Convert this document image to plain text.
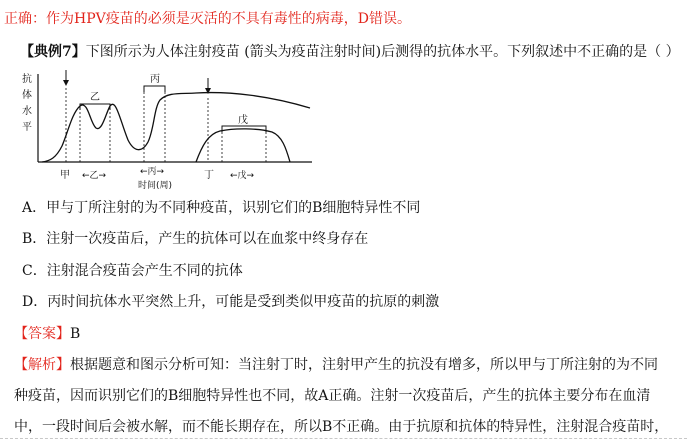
正确：作为HPV疫苗的必须是灭活的不具有毒性的病毒，D错误。
【典例7】下图所示为人体注射疫苗 (箭头为疫苗注射时间)后测得的抗体水平。下列叙述中不正确的是（ ）
抗
体
水
平
乙
丙
戊
甲 ←乙→	←丙→	丁 ←戊→
时间(周)
A．甲与丁所注射的为不同种疫苗，识别它们的B细胞特异性不同
B．注射一次疫苗后，产生的抗体可以在血浆中终身存在
C．注射混合疫苗会产生不同的抗体
D．丙时间抗体水平突然上升，可能是受到类似甲疫苗的抗原的刺激
【答案】B
【解析】根据题意和图示分析可知：当注射丁时，注射甲产生的抗没有增多，所以甲与丁所注射的为不同
种疫苗，因而识别它们的B细胞特异性也不同，故A正确。注射一次疫苗后，产生的抗体主要分布在血清
中，一段时间后会被水解，而不能长期存在，所以B不正确。由于抗原和抗体的特异性，注射混合疫苗时，
